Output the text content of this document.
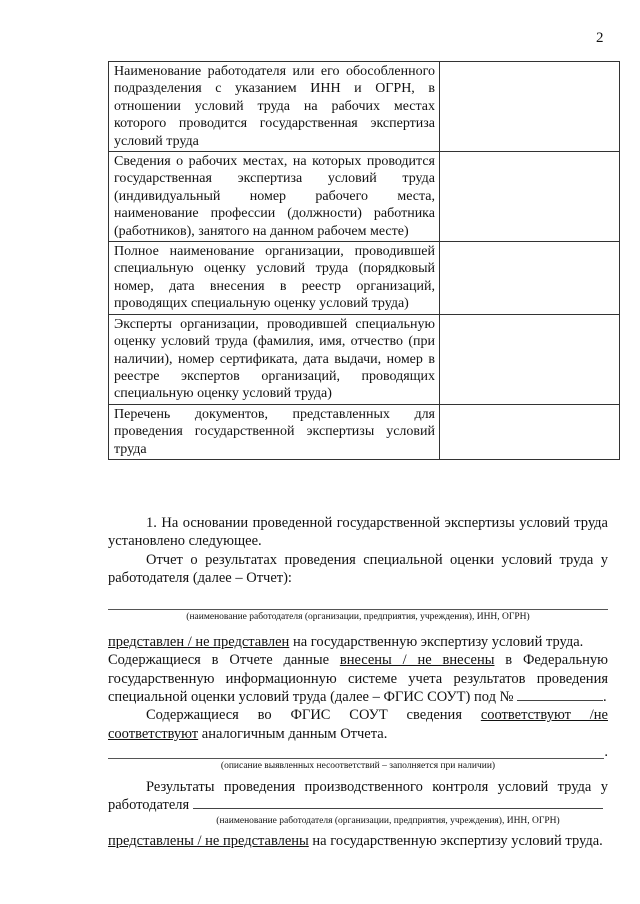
2
Наименование работодателя или его обособленного подразделения с указанием ИНН и ОГРН, в отношении условий труда на рабочих местах которого проводится государственная экспертиза условий труда	
Сведения о рабочих местах, на которых проводится государственная экспертиза условий труда (индивидуальный номер рабочего места, наименование профессии (должности) работника (работников), занятого на данном рабочем месте)	
Полное наименование организации, проводившей специальную оценку условий труда (порядковый номер, дата внесения в реестр организаций, проводящих специальную оценку условий труда)	
Эксперты организации, проводившей специальную оценку условий труда (фамилия, имя, отчество (при наличии), номер сертификата, дата выдачи, номер в реестре экспертов организаций, проводящих специальную оценку условий труда)	
Перечень документов, представленных для проведения государственной экспертизы условий труда	

1. На основании проведенной государственной экспертизы условий труда установлено следующее.

Отчет о результатах проведения специальной оценки условий труда у работодателя (далее – Отчет):

(наименование работодателя (организации, предприятия, учреждения), ИНН, ОГРН)

представлен / не представлен на государственную экспертизу условий труда.

Содержащиеся в Отчете данные внесены / не внесены в Федеральную государственную информационную системе учета результатов проведения специальной оценки условий труда (далее – ФГИС СОУТ) под №	.

Содержащиеся во ФГИС СОУТ сведения соответствуют /не соответствуют аналогичным данным Отчета.

.
(описание выявленных несоответствий – заполняется при наличии)

Результаты проведения производственного контроля условий труда у работодателя

(наименование работодателя (организации, предприятия, учреждения), ИНН, ОГРН)

представлены / не представлены на государственную экспертизу условий труда.
